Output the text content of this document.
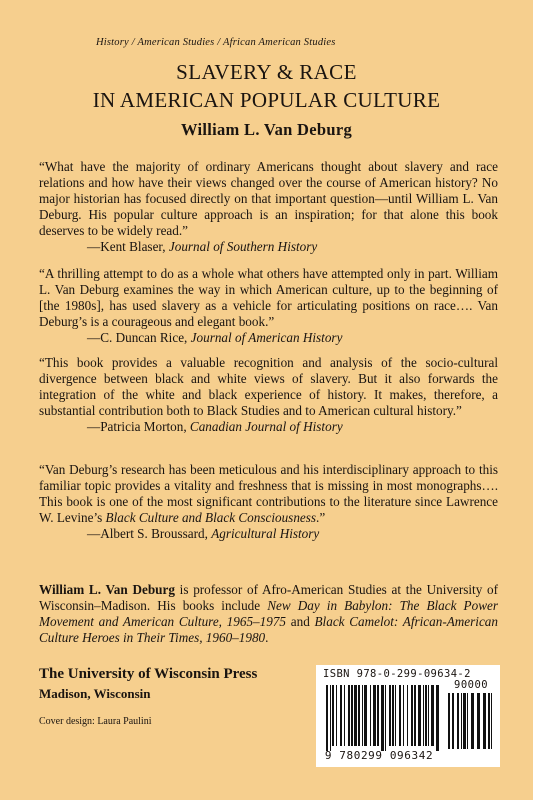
History / American Studies / African American Studies
SLAVERY & RACE
IN AMERICAN POPULAR CULTURE
William L. Van Deburg

“What have the majority of ordinary Americans thought about slavery and race relations and how have their views changed over the course of American history? No major historian has focused directly on that important question—until William L. Van Deburg. His popular culture approach is an inspiration; for that alone this book deserves to be widely read.”

—Kent Blaser, Journal of Southern History

“A thrilling attempt to do as a whole what others have attempted only in part. William L. Van Deburg examines the way in which American culture, up to the beginning of [the 1980s], has used slavery as a vehicle for articulating positions on race…. Van Deburg’s is a courageous and elegant book.”

—C. Duncan Rice, Journal of American History

“This book provides a valuable recognition and analysis of the socio-cultural divergence between black and white views of slavery. But it also forwards the integration of the white and black experience of history. It makes, therefore, a substantial contribution both to Black Studies and to American cultural history.”

—Patricia Morton, Canadian Journal of History

“Van Deburg’s research has been meticulous and his interdisciplinary approach to this familiar topic provides a vitality and freshness that is missing in most monographs…. This book is one of the most significant contributions to the literature since Lawrence W. Levine’s Black Culture and Black Consciousness.”

—Albert S. Broussard, Agricultural History

William L. Van Deburg is professor of Afro-American Studies at the University of Wisconsin–Madison. His books include New Day in Babylon: The Black Power Movement and American Culture, 1965–1975 and Black Camelot: African-American Culture Heroes in Their Times, 1960–1980.

The University of Wisconsin Press
Madison, Wisconsin
Cover design: Laura Paulini
ISBN 978-0-299-09634-2
90000
9 780299 096342
